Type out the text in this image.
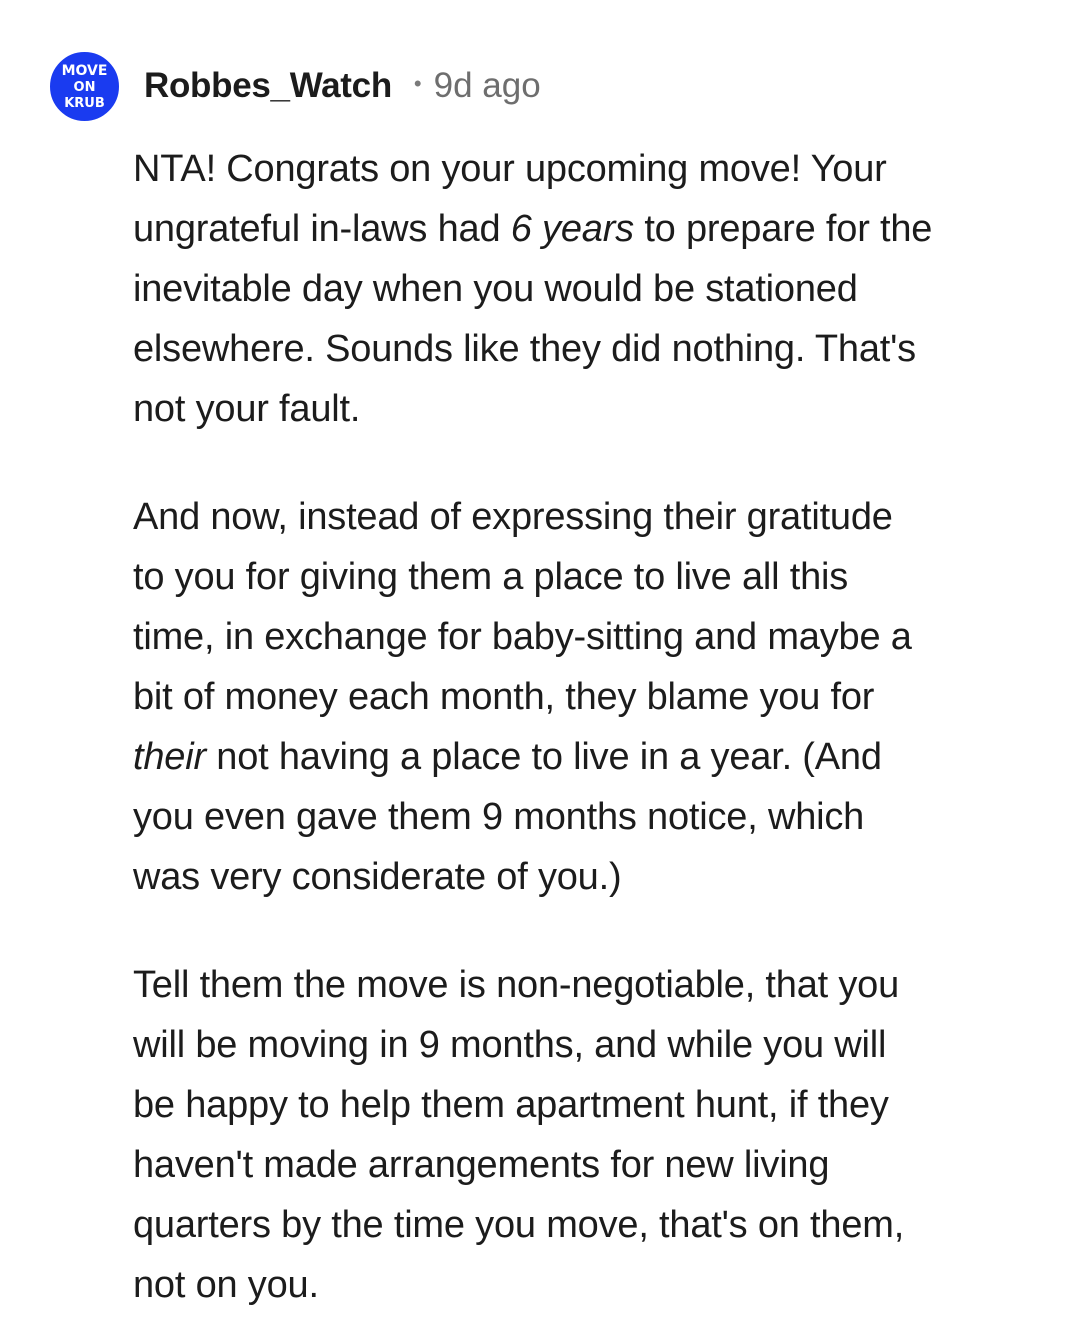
MOVE
ON
KRUB Robbes_Watch • 9d ago
NTA! Congrats on your upcoming move! Your
ungrateful in-laws had 6 years to prepare for the
inevitable day when you would be stationed
elsewhere. Sounds like they did nothing. That's
not your fault.
And now, instead of expressing their gratitude
to you for giving them a place to live all this
time, in exchange for baby-sitting and maybe a
bit of money each month, they blame you for
their not having a place to live in a year. (And
you even gave them 9 months notice, which
was very considerate of you.)
Tell them the move is non-negotiable, that you
will be moving in 9 months, and while you will
be happy to help them apartment hunt, if they
haven't made arrangements for new living
quarters by the time you move, that's on them,
not on you.
